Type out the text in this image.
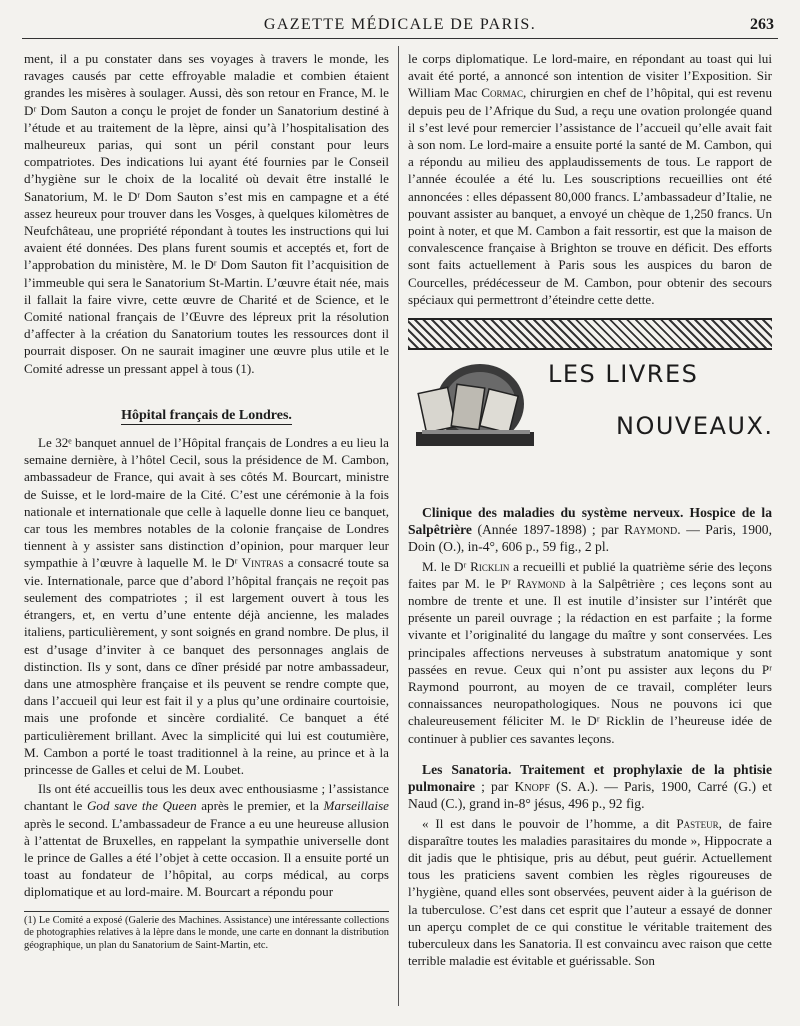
GAZETTE MÉDICALE DE PARIS.	263

ment, il a pu constater dans ses voyages à travers le monde, les ravages causés par cette effroyable maladie et combien étaient grandes les misères à soulager. Aussi, dès son retour en France, M. le Dʳ Dom Sauton a conçu le projet de fonder un Sanatorium destiné à l’étude et au traitement de la lèpre, ainsi qu’à l’hospitalisation des malheureux parias, qui sont un péril constant pour leurs compatriotes. Des indications lui ayant été fournies par le Conseil d’hygiène sur le choix de la localité où devait être installé le Sanatorium, M. le Dʳ Dom Sauton s’est mis en campagne et a été assez heureux pour trouver dans les Vosges, à quelques kilomètres de Neufchâteau, une propriété répondant à toutes les instructions qui lui avaient été données. Des plans furent soumis et acceptés et, fort de l’approbation du ministère, M. le Dʳ Dom Sauton fit l’acquisition de l’immeuble qui sera le Sanatorium St-Martin. L’œuvre était née, mais il fallait la faire vivre, cette œuvre de Charité et de Science, et le Comité national français de l’Œuvre des lépreux prit la résolution d’affecter à la création du Sanatorium toutes les ressources dont il pourrait disposer. On ne saurait imaginer une œuvre plus utile et le Comité adresse un pressant appel à tous (1).

Hôpital français de Londres.

Le 32ᵉ banquet annuel de l’Hôpital français de Londres a eu lieu la semaine dernière, à l’hôtel Cecil, sous la présidence de M. Cambon, ambassadeur de France, qui avait à ses côtés M. Bourcart, ministre de Suisse, et le lord-maire de la Cité. C’est une cérémonie à la fois nationale et internationale que celle à laquelle donne lieu ce banquet, car tous les membres notables de la colonie française de Londres tiennent à y assister sans distinction d’opinion, pour marquer leur sympathie à l’œuvre à laquelle M. le Dʳ Vintras a consacré toute sa vie. Internationale, parce que d’abord l’hôpital français ne reçoit pas seulement des compatriotes ; il est largement ouvert à tous les étrangers, et, en vertu d’une entente déjà ancienne, les malades italiens, particulièrement, y sont soignés en grand nombre. De plus, il est d’usage d’inviter à ce banquet des personnages anglais de distinction. Ils y sont, dans ce dîner présidé par notre ambassadeur, dans une atmosphère française et ils peuvent se rendre compte que, dans l’accueil qui leur est fait il y a plus qu’une ordinaire courtoisie, mais une profonde et sincère cordialité. Ce banquet a été particulièrement brillant. Avec la simplicité qui lui est coutumière, M. Cambon a porté le toast traditionnel à la reine, au prince et à la princesse de Galles et celui de M. Loubet.

Ils ont été accueillis tous les deux avec enthousiasme ; l’assistance chantant le God save the Queen après le premier, et la Marseillaise après le second. L’ambassadeur de France a eu une heureuse allusion à l’attentat de Bruxelles, en rappelant la sympathie universelle dont le prince de Galles a été l’objet à cette occasion. Il a ensuite porté un toast au fondateur de l’hôpital, au corps médical, au corps diplomatique et au lord-maire. M. Bourcart a répondu pour

(1) Le Comité a exposé (Galerie des Machines. Assistance) une intéressante collections de photographies relatives à la lèpre dans le monde, une carte en donnant la distribution géographique, un plan du Sanatorium de Saint-Martin, etc.

le corps diplomatique. Le lord-maire, en répondant au toast qui lui avait été porté, a annoncé son intention de visiter l’Exposition. Sir William Mac Cormac, chirurgien en chef de l’hôpital, qui est revenu depuis peu de l’Afrique du Sud, a reçu une ovation prolongée quand il s’est levé pour remercier l’assistance de l’accueil qu’elle avait fait à son nom. Le lord-maire a ensuite porté la santé de M. Cambon, qui a répondu au milieu des applaudissements de tous. Le rapport de l’année écoulée a été lu. Les souscriptions recueillies ont été annoncées : elles dépassent 80,000 francs. L’ambassadeur d’Italie, ne pouvant assister au banquet, a envoyé un chèque de 1,250 francs. Un point à noter, et que M. Cambon a fait ressortir, est que la maison de convalescence française à Brighton se trouve en déficit. Des efforts sont faits actuellement à Paris sous les auspices du baron de Courcelles, prédécesseur de M. Cambon, pour obtenir des secours spéciaux qui permettront d’éteindre cette dette.

LES LIVRES
NOUVEAUX.

Clinique des maladies du système nerveux. Hospice de la Salpêtrière (Année 1897-1898) ; par Raymond. — Paris, 1900, Doin (O.), in-4°, 606 p., 59 fig., 2 pl.

M. le Dʳ Ricklin a recueilli et publié la quatrième série des leçons faites par M. le Pʳ Raymond à la Salpêtrière ; ces leçons sont au nombre de trente et une. Il est inutile d’insister sur l’intérêt que présente un pareil ouvrage ; la rédaction en est parfaite ; la forme vivante et l’originalité du langage du maître y sont conservées. Les principales affections nerveuses à substratum anatomique y sont passées en revue. Ceux qui n’ont pu assister aux leçons du Pʳ Raymond pourront, au moyen de ce travail, compléter leurs connaissances neuropathologiques. Nous ne pouvons ici que chaleureusement féliciter M. le Dʳ Ricklin de l’heureuse idée de continuer à publier ces savantes leçons.

Les Sanatoria. Traitement et prophylaxie de la phtisie pulmonaire ; par Knopf (S. A.). — Paris, 1900, Carré (G.) et Naud (C.), grand in-8° jésus, 496 p., 92 fig.

« Il est dans le pouvoir de l’homme, a dit Pasteur, de faire disparaître toutes les maladies parasitaires du monde », Hippocrate a dit jadis que le phtisique, pris au début, peut guérir. Actuellement tous les praticiens savent combien les règles rigoureuses de l’hygiène, quand elles sont observées, peuvent aider à la guérison de la tuberculose. C’est dans cet esprit que l’auteur a essayé de donner un aperçu complet de ce qui constitue le véritable traitement des tuberculeux dans les Sanatoria. Il est convaincu avec raison que cette terrible maladie est évitable et guérissable. Son
